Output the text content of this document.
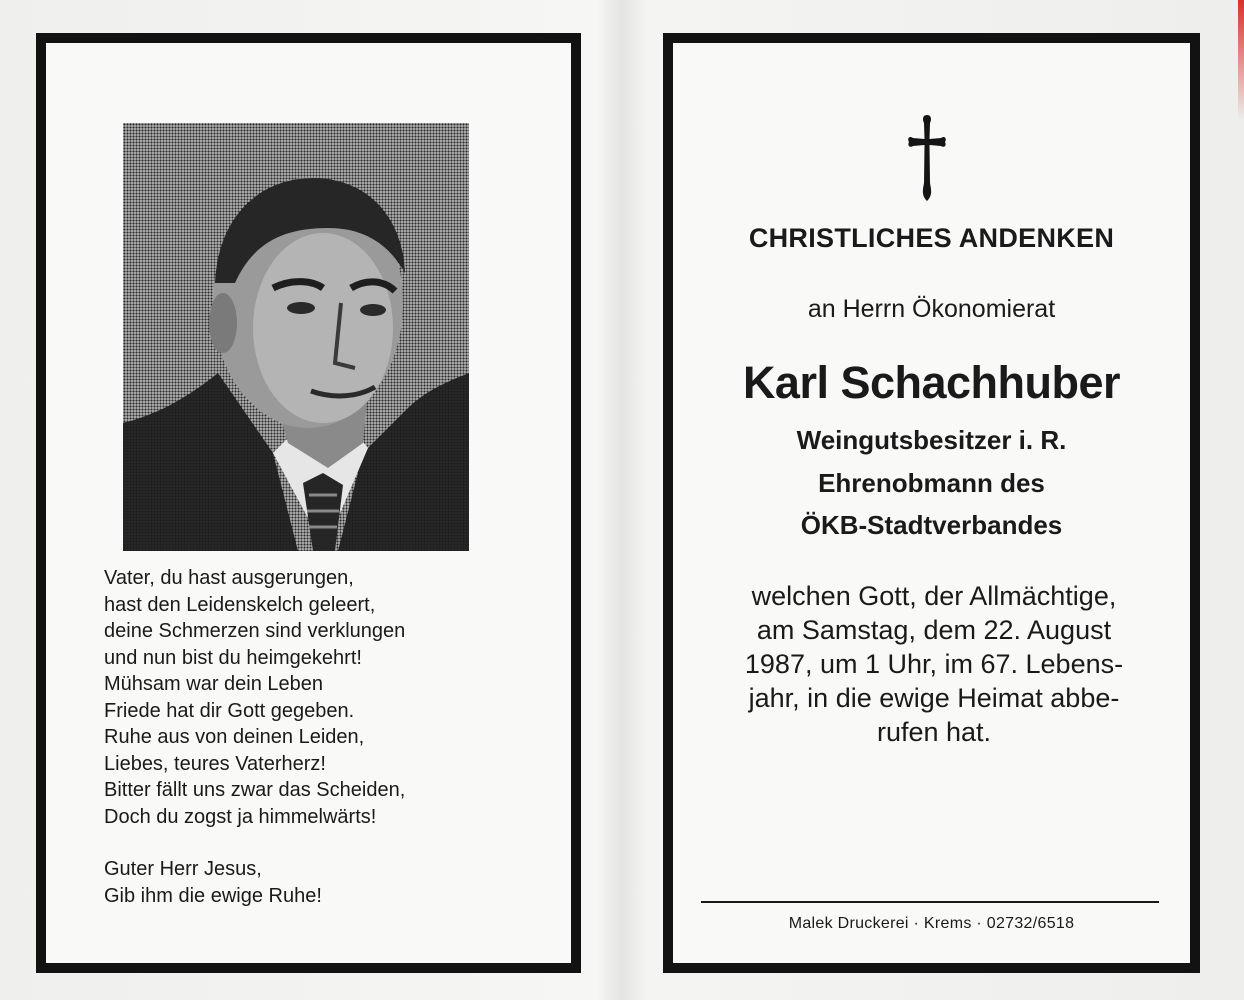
Vater, du hast ausgerungen,
hast den Leidenskelch geleert,
deine Schmerzen sind verklungen
und nun bist du heimgekehrt!
Mühsam war dein Leben
Friede hat dir Gott gegeben.
Ruhe aus von deinen Leiden,
Liebes, teures Vaterherz!
Bitter fällt uns zwar das Scheiden,
Doch du zogst ja himmelwärts!
Guter Herr Jesus,
Gib ihm die ewige Ruhe!
CHRISTLICHES ANDENKEN
an Herrn Ökonomierat
Karl Schachhuber
Weingutsbesitzer i. R.
Ehrenobmann des
ÖKB-Stadtverbandes
welchen Gott, der Allmächtige,
am Samstag, dem 22. August
1987, um 1 Uhr, im 67. Lebens-
jahr, in die ewige Heimat abbe-
rufen hat.
Malek Druckerei · Krems · 02732/6518
